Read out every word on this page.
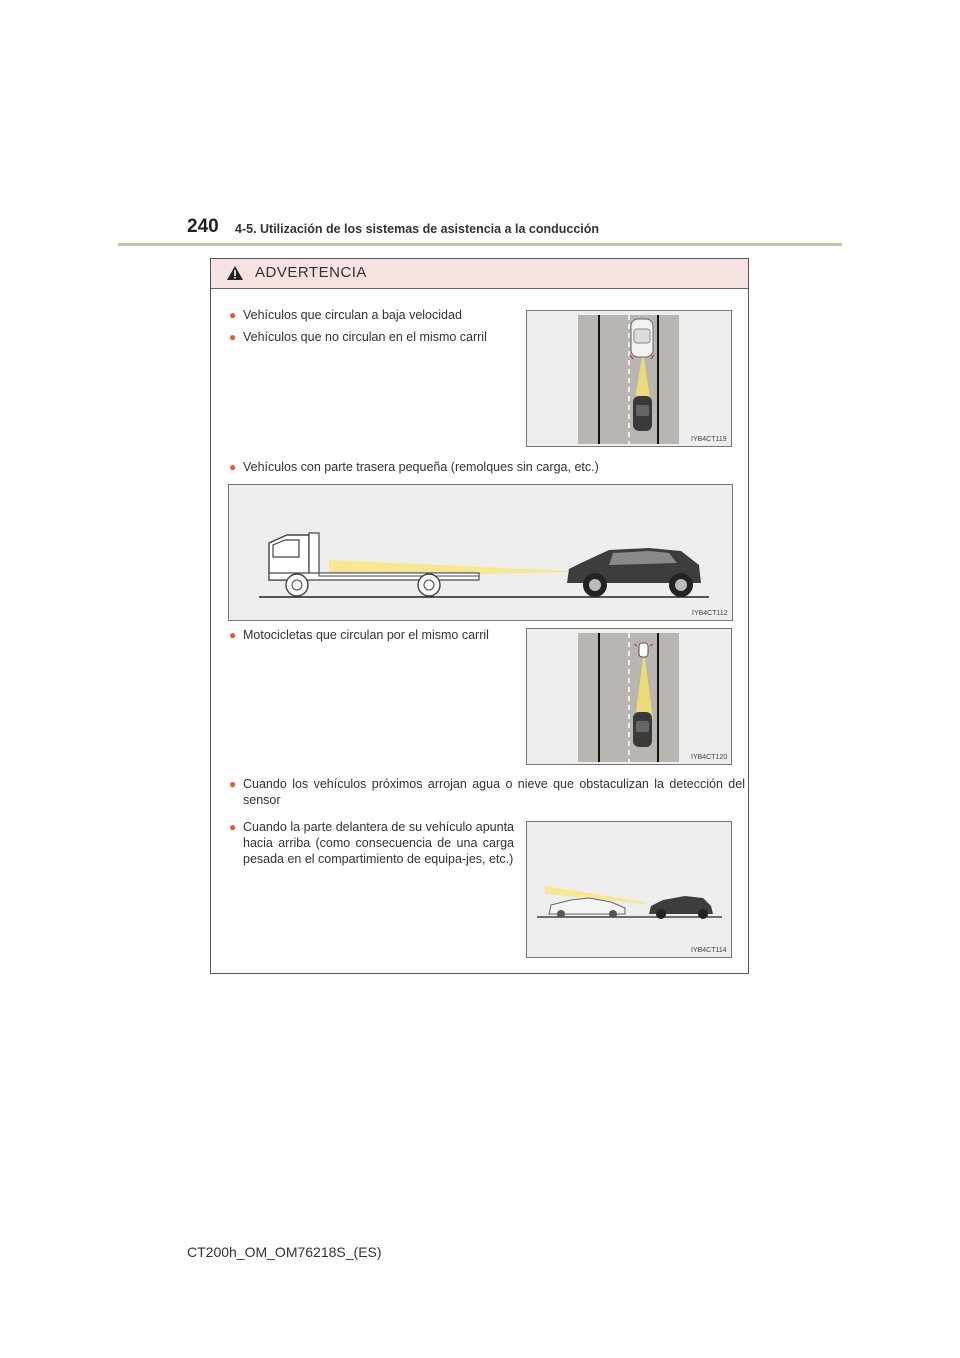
240 4-5. Utilización de los sistemas de asistencia a la conducción
ADVERTENCIA
● Vehículos que circulan a baja velocidad
● Vehículos que no circulan en el mismo carril
IYB4CT119
● Vehículos con parte trasera pequeña (remolques sin carga, etc.)
IYB4CT112
● Motocicletas que circulan por el mismo carril
IYB4CT120
● Cuando los vehículos próximos arrojan agua o nieve que obstaculizan la detección del sensor
● Cuando la parte delantera de su vehículo apunta hacia arriba (como consecuencia de una carga pesada en el compartimiento de equipa-jes, etc.)
IYB4CT114
CT200h_OM_OM76218S_(ES)
